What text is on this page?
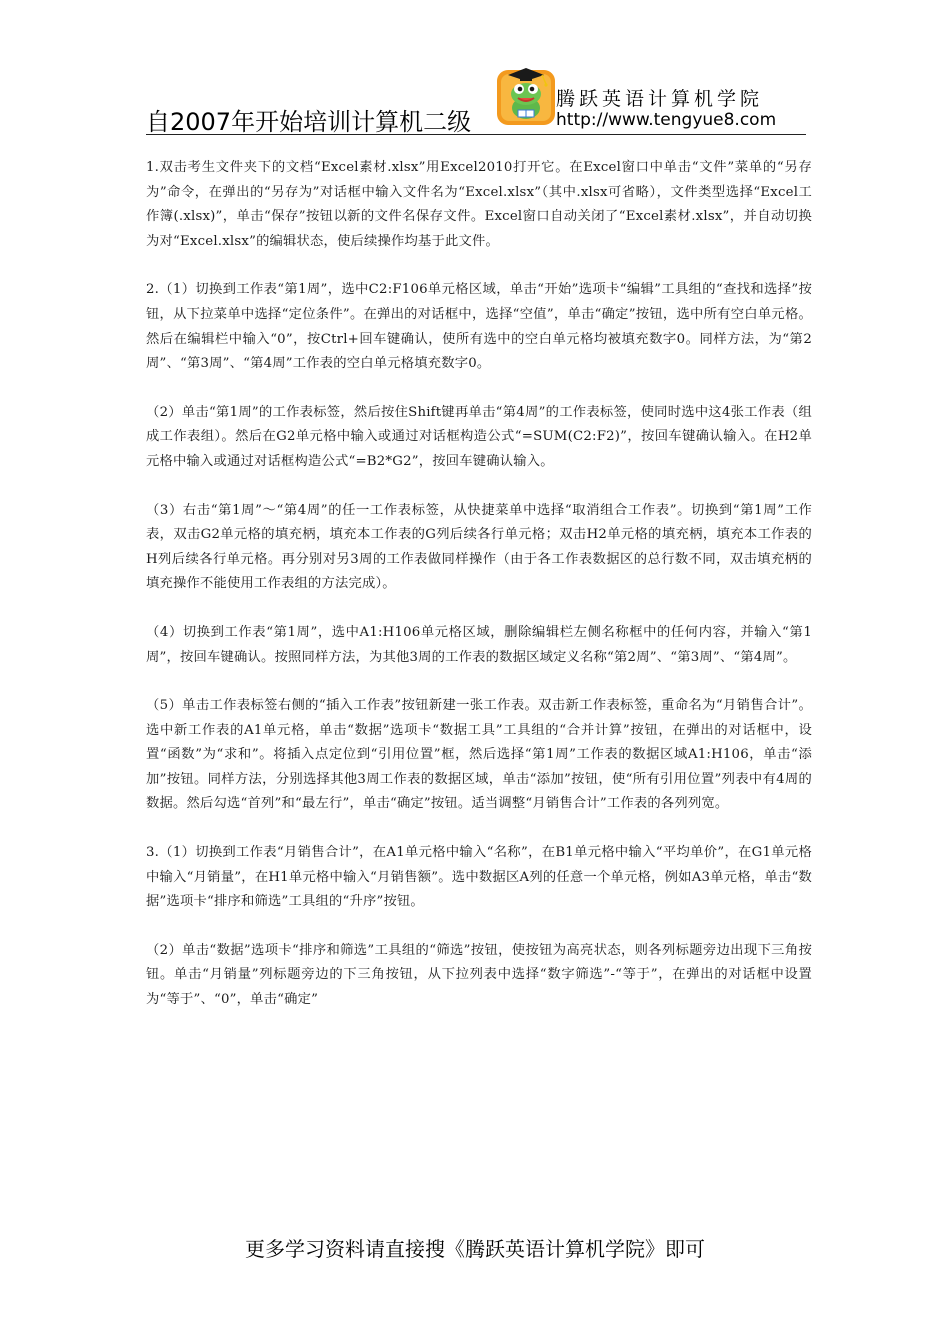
自2007年开始培训计算机二级
腾跃英语计算机学院
http://www.tengyue8.com

1.双击考生文件夹下的文档“Excel素材.xlsx”用Excel2010打开它。在Excel窗口中单击“文件”菜单的“另存为”命令，在弹出的“另存为”对话框中输入文件名为“Excel.xlsx”（其中.xlsx可省略），文件类型选择“Excel工作簿(.xlsx)”，单击“保存”按钮以新的文件名保存文件。Excel窗口自动关闭了“Excel素材.xlsx”，并自动切换为对“Excel.xlsx”的编辑状态，使后续操作均基于此文件。

2.（1）切换到工作表“第1周”，选中C2:F106单元格区域，单击“开始”选项卡“编辑”工具组的“查找和选择”按钮，从下拉菜单中选择“定位条件”。在弹出的对话框中，选择“空值”，单击“确定”按钮，选中所有空白单元格。然后在编辑栏中输入“0”，按Ctrl+回车键确认，使所有选中的空白单元格均被填充数字0。同样方法，为“第2周”、“第3周”、“第4周”工作表的空白单元格填充数字0。

（2）单击“第1周”的工作表标签，然后按住Shift键再单击“第4周”的工作表标签，使同时选中这4张工作表（组成工作表组）。然后在G2单元格中输入或通过对话框构造公式“=SUM(C2:F2)”，按回车键确认输入。在H2单元格中输入或通过对话框构造公式“=B2*G2”，按回车键确认输入。

（3）右击“第1周”～“第4周”的任一工作表标签，从快捷菜单中选择“取消组合工作表”。切换到“第1周”工作表，双击G2单元格的填充柄，填充本工作表的G列后续各行单元格；双击H2单元格的填充柄，填充本工作表的H列后续各行单元格。再分别对另3周的工作表做同样操作（由于各工作表数据区的总行数不同，双击填充柄的填充操作不能使用工作表组的方法完成）。

（4）切换到工作表“第1周”，选中A1:H106单元格区域，删除编辑栏左侧名称框中的任何内容，并输入“第1周”，按回车键确认。按照同样方法，为其他3周的工作表的数据区域定义名称“第2周”、“第3周”、“第4周”。

（5）单击工作表标签右侧的“插入工作表”按钮新建一张工作表。双击新工作表标签，重命名为“月销售合计”。选中新工作表的A1单元格，单击“数据”选项卡“数据工具”工具组的“合并计算”按钮，在弹出的对话框中，设置“函数”为“求和”。将插入点定位到“引用位置”框，然后选择“第1周”工作表的数据区域A1:H106，单击“添加”按钮。同样方法，分别选择其他3周工作表的数据区域，单击“添加”按钮，使“所有引用位置”列表中有4周的数据。然后勾选“首列”和“最左行”，单击“确定”按钮。适当调整“月销售合计”工作表的各列列宽。

3.（1）切换到工作表“月销售合计”，在A1单元格中输入“名称”，在B1单元格中输入“平均单价”，在G1单元格中输入“月销量”，在H1单元格中输入“月销售额”。选中数据区A列的任意一个单元格，例如A3单元格，单击“数据”选项卡“排序和筛选”工具组的“升序”按钮。

（2）单击“数据”选项卡“排序和筛选”工具组的“筛选”按钮，使按钮为高亮状态，则各列标题旁边出现下三角按钮。单击“月销量”列标题旁边的下三角按钮，从下拉列表中选择“数字筛选”-“等于”，在弹出的对话框中设置为“等于”、“0”，单击“确定”

更多学习资料请直接搜《腾跃英语计算机学院》即可
